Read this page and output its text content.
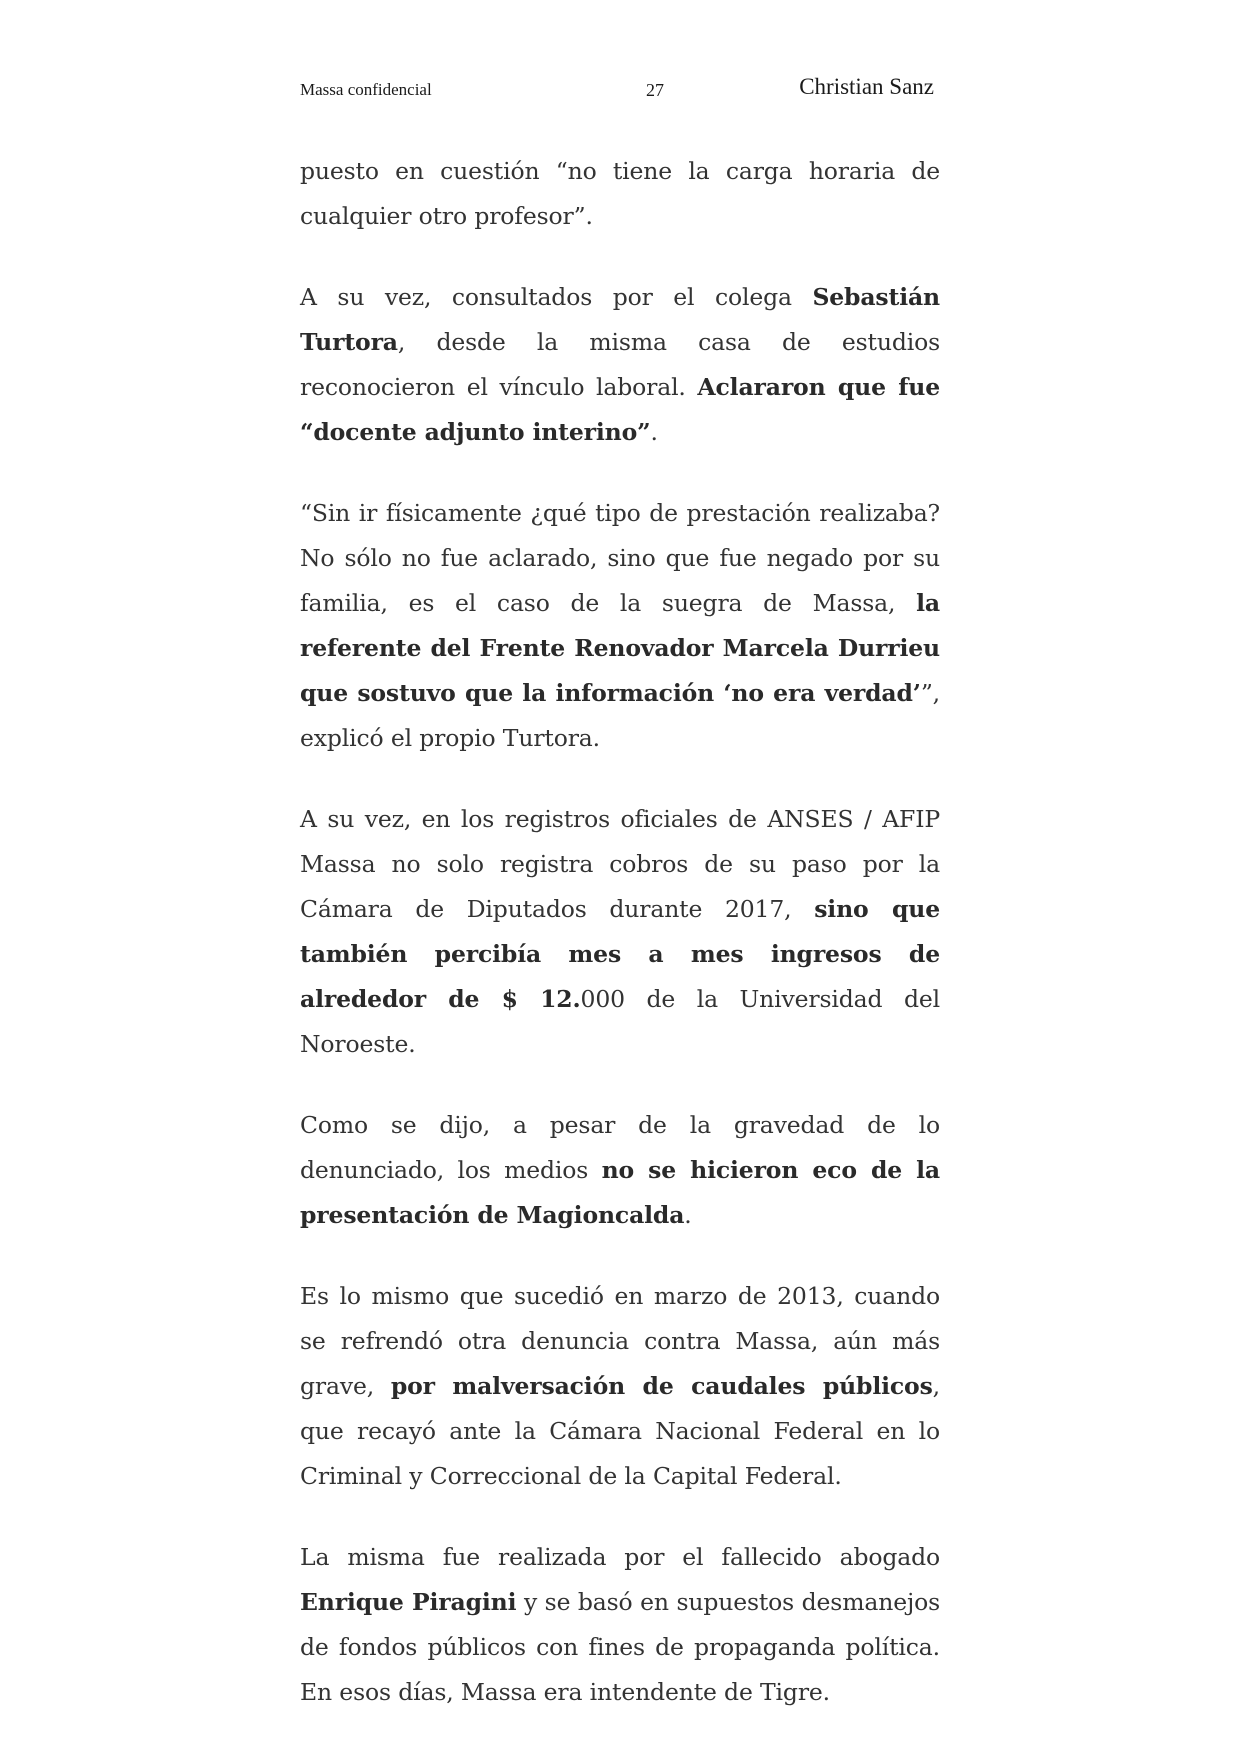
Massa confidencial	27	Christian Sanz

puesto en cuestión “no tiene la carga horaria de cualquier otro profesor”.

A su vez, consultados por el colega Sebastián Turtora, desde la misma casa de estudios reconocieron el vínculo laboral. Aclararon que fue “docente adjunto interino”.

“Sin ir físicamente ¿qué tipo de prestación realizaba? No sólo no fue aclarado, sino que fue negado por su familia, es el caso de la suegra de Massa, la referente del Frente Renovador Marcela Durrieu que sostuvo que la información ‘no era verdad’”, explicó el propio Turtora.

A su vez, en los registros oficiales de ANSES / AFIP Massa no solo registra cobros de su paso por la Cámara de Diputados durante 2017, sino que también percibía mes a mes ingresos de alrededor de $ 12.000 de la Universidad del Noroeste.

Como se dijo, a pesar de la gravedad de lo denunciado, los medios no se hicieron eco de la presentación de Magioncalda.

Es lo mismo que sucedió en marzo de 2013, cuando se refrendó otra denuncia contra Massa, aún más grave, por malversación de caudales públicos, que recayó ante la Cámara Nacional Federal en lo Criminal y Correccional de la Capital Federal.

La misma fue realizada por el fallecido abogado Enrique Piragini y se basó en supuestos desmanejos de fondos públicos con fines de propaganda política. En esos días, Massa era intendente de Tigre.
